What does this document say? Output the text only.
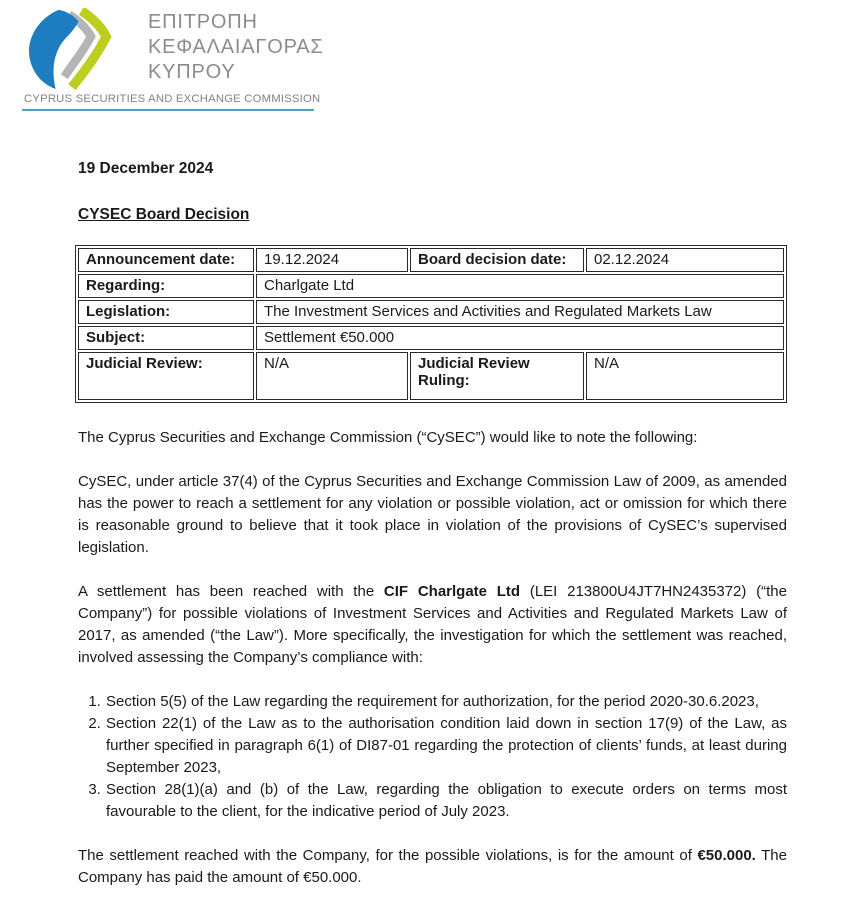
ΕΠΙΤΡΟΠΗ
ΚΕΦΑΛΑΙΑΓΟΡΑΣ
ΚΥΠΡΟΥ
CYPRUS SECURITIES AND EXCHANGE COMMISSION
19 December 2024
CYSEC Board Decision
Announcement date:	19.12.2024	Board decision date:	02.12.2024
Regarding:	Charlgate Ltd		
Legislation:	The Investment Services and Activities and Regulated Markets Law		
Subject:	Settlement €50.000		
Judicial Review:	N/A	Judicial Review Ruling:	N/A

The Cyprus Securities and Exchange Commission (“CySEC”) would like to note the following:

CySEC, under article 37(4) of the Cyprus Securities and Exchange Commission Law of 2009, as amended has the power to reach a settlement for any violation or possible violation, act or omission for which there is reasonable ground to believe that it took place in violation of the provisions of CySEC’s supervised legislation.

A settlement has been reached with the CIF Charlgate Ltd (LEI 213800U4JT7HN2435372) (“the Company”) for possible violations of Investment Services and Activities and Regulated Markets Law of 2017, as amended (“the Law”). More specifically, the investigation for which the settlement was reached, involved assessing the Company’s compliance with:

1. Section 5(5) of the Law regarding the requirement for authorization, for the period 2020-30.6.2023,
2. Section 22(1) of the Law as to the authorisation condition laid down in section 17(9) of the Law, as further specified in paragraph 6(1) of DI87-01 regarding the protection of clients’ funds, at least during September 2023,
3. Section 28(1)(a) and (b) of the Law, regarding the obligation to execute orders on terms most favourable to the client, for the indicative period of July 2023.

The settlement reached with the Company, for the possible violations, is for the amount of €50.000. The Company has paid the amount of €50.000.
